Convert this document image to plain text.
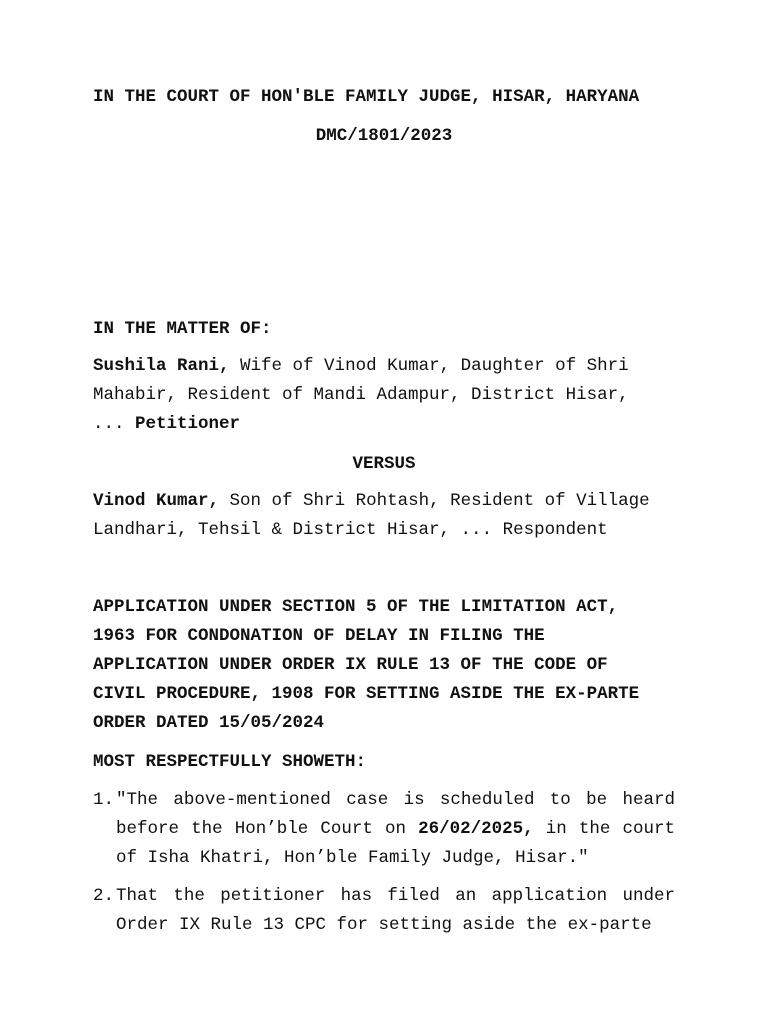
IN THE COURT OF HON'BLE FAMILY JUDGE, HISAR, HARYANA
DMC/1801/2023
IN THE MATTER OF:
Sushila Rani, Wife of Vinod Kumar, Daughter of Shri Mahabir, Resident of Mandi Adampur, District Hisar,
... Petitioner
VERSUS
Vinod Kumar, Son of Shri Rohtash, Resident of Village Landhari, Tehsil & District Hisar, ... Respondent
APPLICATION UNDER SECTION 5 OF THE LIMITATION ACT, 1963 FOR CONDONATION OF DELAY IN FILING THE APPLICATION UNDER ORDER IX RULE 13 OF THE CODE OF CIVIL PROCEDURE, 1908 FOR SETTING ASIDE THE EX-PARTE ORDER DATED 15/05/2024
MOST RESPECTFULLY SHOWETH:
1. "The above-mentioned case is scheduled to be heard before the Hon’ble Court on 26/02/2025, in the court of Isha Khatri, Hon’ble Family Judge, Hisar."
2. That the petitioner has filed an application under Order IX Rule 13 CPC for setting aside the ex-parte
